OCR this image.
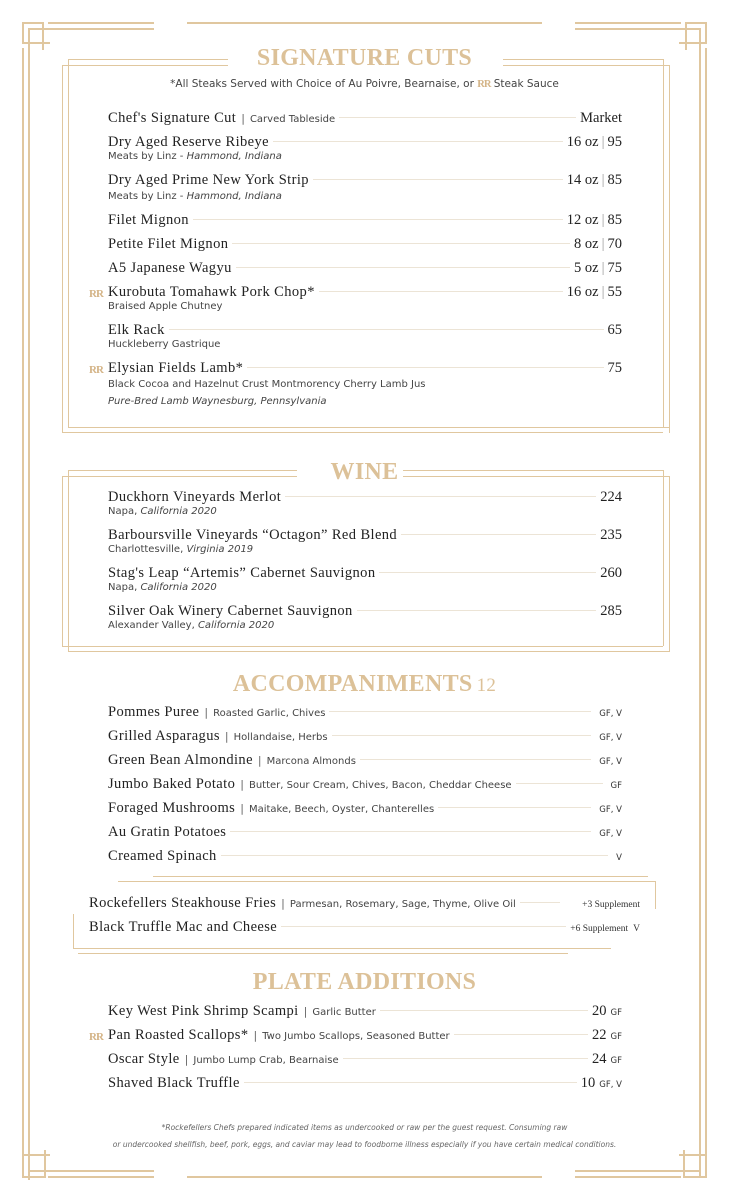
SIGNATURE CUTS
*All Steaks Served with Choice of Au Poivre, Bearnaise, or RR Steak Sauce
Chef's Signature Cut | Carved Tableside	Market
Dry Aged Reserve Ribeye	16 oz | 95
Meats by Linz - Hammond, Indiana
Dry Aged Prime New York Strip	14 oz | 85
Meats by Linz - Hammond, Indiana
Filet Mignon	12 oz | 85
Petite Filet Mignon	8 oz | 70
A5 Japanese Wagyu	5 oz | 75
RR Kurobuta Tomahawk Pork Chop*	16 oz | 55
Braised Apple Chutney
Elk Rack	65
Huckleberry Gastrique
RR Elysian Fields Lamb*	75
Black Cocoa and Hazelnut Crust Montmorency Cherry Lamb Jus
Pure-Bred Lamb Waynesburg, Pennsylvania
WINE
Duckhorn Vineyards Merlot	224
Napa, California 2020
Barboursville Vineyards “Octagon” Red Blend	235
Charlottesville, Virginia 2019
Stag's Leap “Artemis” Cabernet Sauvignon	260
Napa, California 2020
Silver Oak Winery Cabernet Sauvignon	285
Alexander Valley, California 2020
ACCOMPANIMENTS 12
Pommes Puree | Roasted Garlic, Chives	GF, V
Grilled Asparagus | Hollandaise, Herbs	GF, V
Green Bean Almondine | Marcona Almonds	GF, V
Jumbo Baked Potato | Butter, Sour Cream, Chives, Bacon, Cheddar Cheese	GF
Foraged Mushrooms | Maitake, Beech, Oyster, Chanterelles	GF, V
Au Gratin Potatoes	GF, V
Creamed Spinach	V
Rockefellers Steakhouse Fries | Parmesan, Rosemary, Sage, Thyme, Olive Oil	+3 Supplement
Black Truffle Mac and Cheese	+6 Supplement V
PLATE ADDITIONS
Key West Pink Shrimp Scampi | Garlic Butter	20 GF
RR Pan Roasted Scallops* | Two Jumbo Scallops, Seasoned Butter	22 GF
Oscar Style | Jumbo Lump Crab, Bearnaise	24 GF
Shaved Black Truffle	10 GF, V
*Rockefellers Chefs prepared indicated items as undercooked or raw per the guest request. Consuming raw
or undercooked shellfish, beef, pork, eggs, and caviar may lead to foodborne illness especially if you have certain medical conditions.
